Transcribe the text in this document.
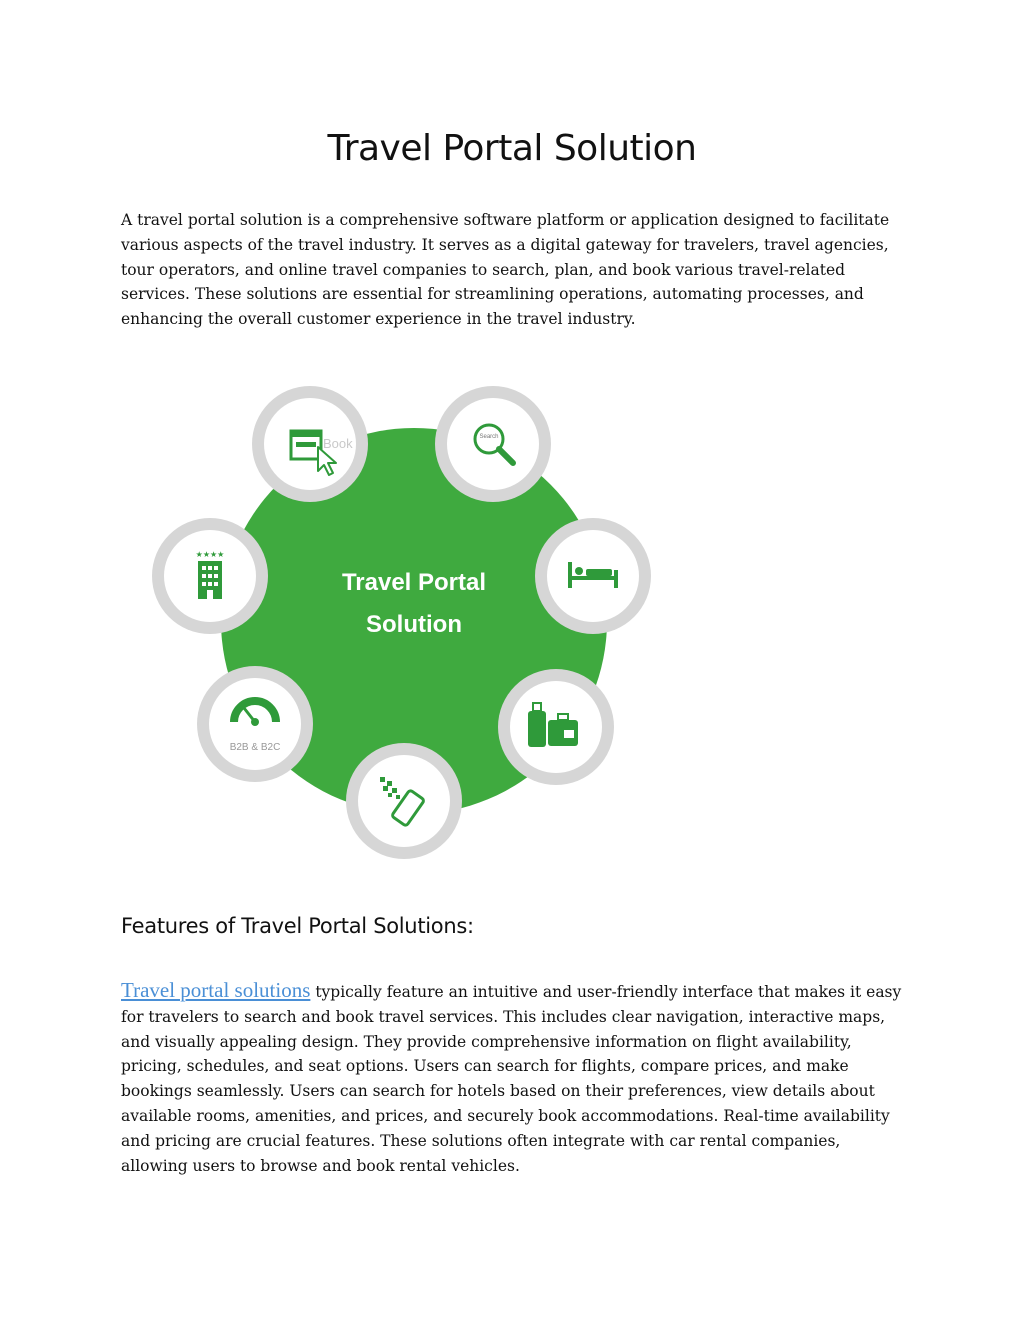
Travel Portal Solution

A travel portal solution is a comprehensive software platform or application designed to facilitate various aspects of the travel industry. It serves as a digital gateway for travelers, travel agencies, tour operators, and online travel companies to search, plan, and book various travel-related services. These solutions are essential for streamlining operations, automating processes, and enhancing the overall customer experience in the travel industry.

Travel Portal
Solution
Book	Search
B2B & B2C
★★★★
Features of Travel Portal Solutions:

Travel portal solutions typically feature an intuitive and user-friendly interface that makes it easy for travelers to search and book travel services. This includes clear navigation, interactive maps, and visually appealing design. They provide comprehensive information on flight availability, pricing, schedules, and seat options. Users can search for flights, compare prices, and make bookings seamlessly. Users can search for hotels based on their preferences, view details about available rooms, amenities, and prices, and securely book accommodations. Real-time availability and pricing are crucial features. These solutions often integrate with car rental companies, allowing users to browse and book rental vehicles.
